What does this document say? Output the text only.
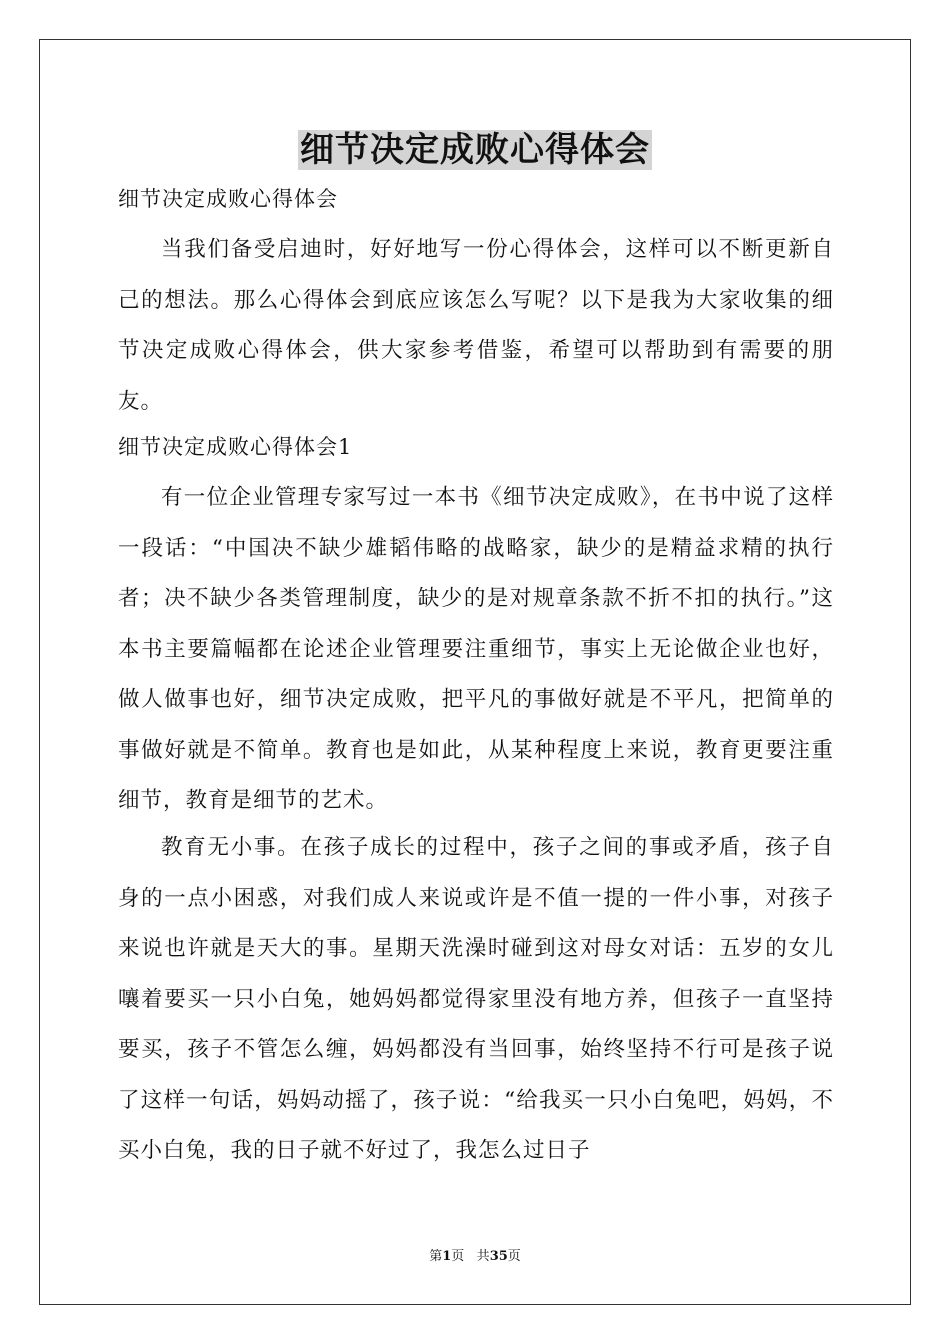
细节决定成败心得体会
细节决定成败心得体会

当我们备受启迪时，好好地写一份心得体会，这样可以不断更新自己的想法。那么心得体会到底应该怎么写呢？以下是我为大家收集的细节决定成败心得体会，供大家参考借鉴，希望可以帮助到有需要的朋友。

细节决定成败心得体会1

有一位企业管理专家写过一本书《细节决定成败》，在书中说了这样一段话：“中国决不缺少雄韬伟略的战略家，缺少的是精益求精的执行者；决不缺少各类管理制度，缺少的是对规章条款不折不扣的执行。”这本书主要篇幅都在论述企业管理要注重细节，事实上无论做企业也好，做人做事也好，细节决定成败，把平凡的事做好就是不平凡，把简单的事做好就是不简单。教育也是如此，从某种程度上来说，教育更要注重细节，教育是细节的艺术。

教育无小事。在孩子成长的过程中，孩子之间的事或矛盾，孩子自身的一点小困惑，对我们成人来说或许是不值一提的一件小事，对孩子来说也许就是天大的事。星期天洗澡时碰到这对母女对话：五岁的女儿嚷着要买一只小白兔，她妈妈都觉得家里没有地方养，但孩子一直坚持要买，孩子不管怎么缠，妈妈都没有当回事，始终坚持不行可是孩子说了这样一句话，妈妈动摇了，孩子说：“给我买一只小白兔吧，妈妈，不买小白兔，我的日子就不好过了，我怎么过日子

第1页 共35页
